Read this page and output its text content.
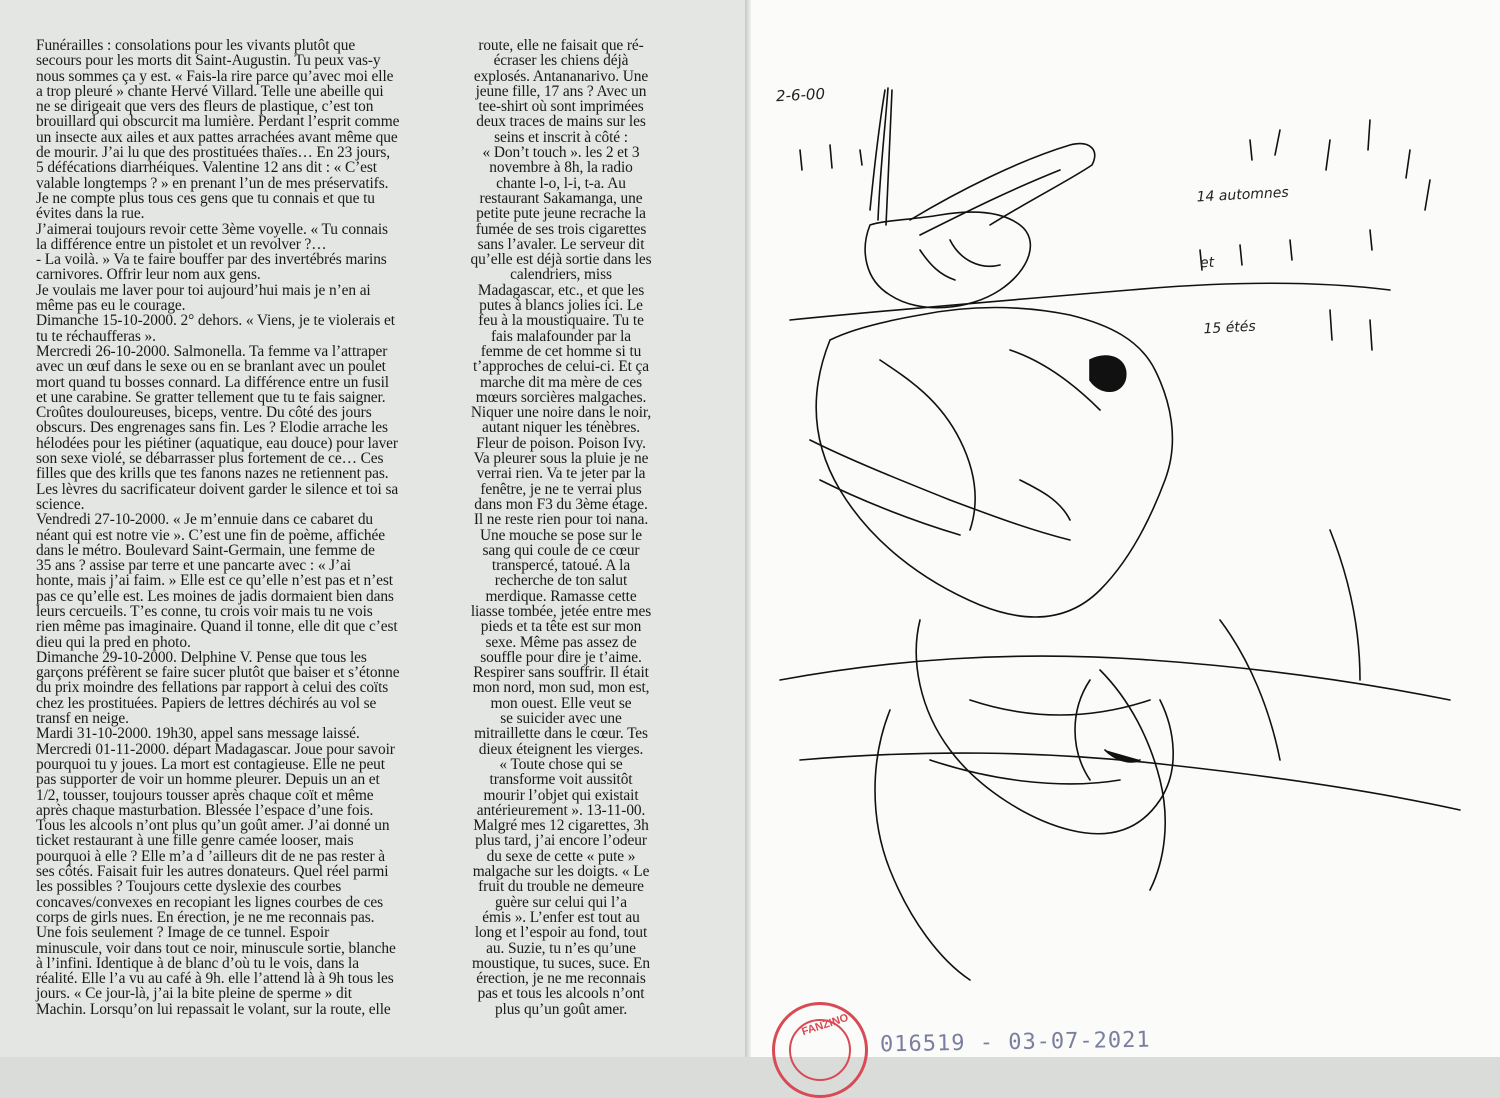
Funérailles : consolations pour les vivants plutôt que
secours pour les morts dit Saint-Augustin. Tu peux vas-y
nous sommes ça y est. « Fais-la rire parce qu’avec moi elle
a trop pleuré » chante Hervé Villard. Telle une abeille qui
ne se dirigeait que vers des fleurs de plastique, c’est ton
brouillard qui obscurcit ma lumière. Perdant l’esprit comme
un insecte aux ailes et aux pattes arrachées avant même que
de mourir. J’ai lu que des prostituées thaïes… En 23 jours,
5 défécations diarrhéiques. Valentine 12 ans dit : « C’est
valable longtemps ? » en prenant l’un de mes préservatifs.
Je ne compte plus tous ces gens que tu connais et que tu
évites dans la rue.
J’aimerai toujours revoir cette 3ème voyelle. « Tu connais
la différence entre un pistolet et un revolver ?…
- La voilà. » Va te faire bouffer par des invertébrés marins
carnivores. Offrir leur nom aux gens.
Je voulais me laver pour toi aujourd’hui mais je n’en ai
même pas eu le courage.
Dimanche 15-10-2000. 2° dehors. « Viens, je te violerais et
tu te réchaufferas ».
Mercredi 26-10-2000. Salmonella. Ta femme va l’attraper
avec un œuf dans le sexe ou en se branlant avec un poulet
mort quand tu bosses connard. La différence entre un fusil
et une carabine. Se gratter tellement que tu te fais saigner.
Croûtes douloureuses, biceps, ventre. Du côté des jours
obscurs. Des engrenages sans fin. Les ? Elodie arrache les
hélodées pour les piétiner (aquatique, eau douce) pour laver
son sexe violé, se débarrasser plus fortement de ce… Ces
filles que des krills que tes fanons nazes ne retiennent pas.
Les lèvres du sacrificateur doivent garder le silence et toi sa
science.
Vendredi 27-10-2000. « Je m’ennuie dans ce cabaret du
néant qui est notre vie ». C’est une fin de poème, affichée
dans le métro. Boulevard Saint-Germain, une femme de
35 ans ? assise par terre et une pancarte avec : « J’ai
honte, mais j’ai faim. » Elle est ce qu’elle n’est pas et n’est
pas ce qu’elle est. Les moines de jadis dormaient bien dans
leurs cercueils. T’es conne, tu crois voir mais tu ne vois
rien même pas imaginaire. Quand il tonne, elle dit que c’est
dieu qui la pred en photo.
Dimanche 29-10-2000. Delphine V. Pense que tous les
garçons préfèrent se faire sucer plutôt que baiser et s’étonne
du prix moindre des fellations par rapport à celui des coïts
chez les prostituées. Papiers de lettres déchirés au vol se
transf en neige.
Mardi 31-10-2000. 19h30, appel sans message laissé.
Mercredi 01-11-2000. départ Madagascar. Joue pour savoir
pourquoi tu y joues. La mort est contagieuse. Elle ne peut
pas supporter de voir un homme pleurer. Depuis un an et
1/2, tousser, toujours tousser après chaque coït et même
après chaque masturbation. Blessée l’espace d’une fois.
Tous les alcools n’ont plus qu’un goût amer. J’ai donné un
ticket restaurant à une fille genre camée looser, mais
pourquoi à elle ? Elle m’a d ’ailleurs dit de ne pas rester à
ses côtés. Faisait fuir les autres donateurs. Quel réel parmi
les possibles ? Toujours cette dyslexie des courbes
concaves/convexes en recopiant les lignes courbes de ces
corps de girls nues. En érection, je ne me reconnais pas.
Une fois seulement ? Image de ce tunnel. Espoir
minuscule, voir dans tout ce noir, minuscule sortie, blanche
à l’infini. Identique à de blanc d’où tu le vois, dans la
réalité. Elle l’a vu au café à 9h. elle l’attend là à 9h tous les
jours. « Ce jour-là, j’ai la bite pleine de sperme » dit
Machin. Lorsqu’on lui repassait le volant, sur la route, elle
route, elle ne faisait que ré-
écraser les chiens déjà
explosés. Antananarivo. Une
jeune fille, 17 ans ? Avec un
tee-shirt où sont imprimées
deux traces de mains sur les
seins et inscrit à côté :
« Don’t touch ». les 2 et 3
novembre à 8h, la radio
chante l-o, l-i, t-a. Au
restaurant Sakamanga, une
petite pute jeune recrache la
fumée de ses trois cigarettes
sans l’avaler. Le serveur dit
qu’elle est déjà sortie dans les
calendriers, miss
Madagascar, etc., et que les
putes à blancs jolies ici. Le
feu à la moustiquaire. Tu te
fais malafounder par la
femme de cet homme si tu
t’approches de celui-ci. Et ça
marche dit ma mère de ces
mœurs sorcières malgaches.
Niquer une noire dans le noir,
autant niquer les ténèbres.
Fleur de poison. Poison Ivy.
Va pleurer sous la pluie je ne
verrai rien. Va te jeter par la
fenêtre, je ne te verrai plus
dans mon F3 du 3ème étage.
Il ne reste rien pour toi nana.
Une mouche se pose sur le
sang qui coule de ce cœur
transpercé, tatoué. A la
recherche de ton salut
merdique. Ramasse cette
liasse tombée, jetée entre mes
pieds et ta tête est sur mon
sexe. Même pas assez de
souffle pour dire je t’aime.
Respirer sans souffrir. Il était
mon nord, mon sud, mon est,
mon ouest. Elle veut se
se suicider avec une
mitraillette dans le cœur. Tes
dieux éteignent les vierges.
« Toute chose qui se
transforme voit aussitôt
mourir l’objet qui existait
antérieurement ». 13-11-00.
Malgré mes 12 cigarettes, 3h
plus tard, j’ai encore l’odeur
du sexe de cette « pute »
malgache sur les doigts. « Le
fruit du trouble ne demeure
guère sur celui qui l’a
émis ». L’enfer est tout au
long et l’espoir au fond, tout
au. Suzie, tu n’es qu’une
moustique, tu suces, suce. En
érection, je ne me reconnais
pas et tous les alcools n’ont
plus qu’un goût amer.
2-6-00

14 automnes

et

15 étés

FANZINO
016519 - 03-07-2021
